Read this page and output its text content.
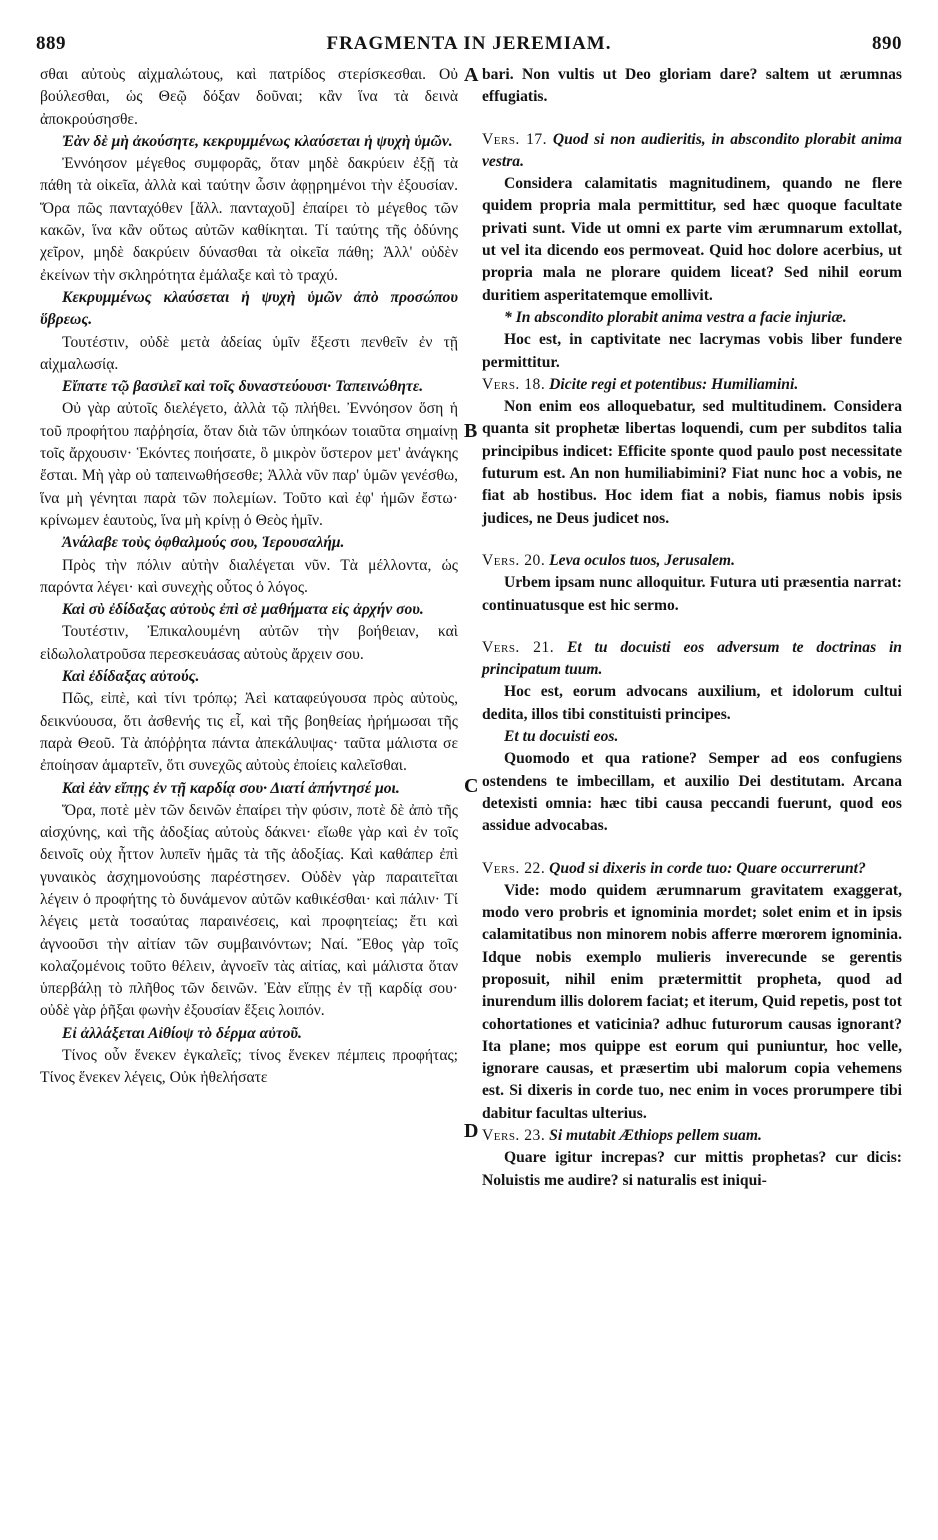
889	FRAGMENTA IN JEREMIAM.	890

σθαι αὐτοὺς αἰχμαλώτους, καὶ πατρίδος στερίσκεσθαι. Οὐ βούλεσθαι, ὡς Θεῷ δόξαν δοῦναι; κἂν ἵνα τὰ δεινὰ ἀποκρούσησθε.

Ἐὰν δὲ μὴ ἀκούσητε, κεκρυμμένως κλαύσεται ἡ ψυχὴ ὑμῶν.

Ἐννόησον μέγεθος συμφορᾶς, ὅταν μηδὲ δακρύειν ἐξῇ τὰ πάθη τὰ οἰκεῖα, ἀλλὰ καὶ ταύτην ὦσιν ἀφῃρημένοι τὴν ἐξουσίαν. Ὅρα πῶς πανταχόθεν [ἄλλ. πανταχοῦ] ἐπαίρει τὸ μέγεθος τῶν κακῶν, ἵνα κἂν οὕτως αὐτῶν καθίκηται. Τί ταύτης τῆς ὀδύνης χεῖρον, μηδὲ δακρύειν δύνασθαι τὰ οἰκεῖα πάθη; Ἀλλ' οὐδὲν ἐκείνων τὴν σκληρότητα ἐμάλαξε καὶ τὸ τραχύ.

Κεκρυμμένως κλαύσεται ἡ ψυχὴ ὑμῶν ἀπὸ προσώπου ὕβρεως.

Τουτέστιν, οὐδὲ μετὰ ἀδείας ὑμῖν ἔξεστι πενθεῖν ἐν τῇ αἰχμαλωσίᾳ.

Εἴπατε τῷ βασιλεῖ καὶ τοῖς δυναστεύουσι· Ταπεινώθητε.

Οὐ γὰρ αὐτοῖς διελέγετο, ἀλλὰ τῷ πλήθει. Ἐννόησον ὅση ἡ τοῦ προφήτου παῤῥησία, ὅταν διὰ τῶν ὑπηκόων τοιαῦτα σημαίνῃ τοῖς ἄρχουσιν· Ἑκόντες ποιήσατε, ὃ μικρὸν ὕστερον μετ' ἀνάγκης ἔσται. Μὴ γὰρ οὐ ταπεινωθήσεσθε; Ἀλλὰ νῦν παρ' ὑμῶν γενέσθω, ἵνα μὴ γένηται παρὰ τῶν πολεμίων. Τοῦτο καὶ ἐφ' ἡμῶν ἔστω· κρίνωμεν ἑαυτοὺς, ἵνα μὴ κρίνῃ ὁ Θεὸς ἡμῖν.

Ἀνάλαβε τοὺς ὀφθαλμούς σου, Ἱερουσαλήμ.

Πρὸς τὴν πόλιν αὐτὴν διαλέγεται νῦν. Τὰ μέλλοντα, ὡς παρόντα λέγει· καὶ συνεχὴς οὗτος ὁ λόγος.

Καὶ σὺ ἐδίδαξας αὐτοὺς ἐπὶ σὲ μαθήματα εἰς ἀρχήν σου.

Τουτέστιν, Ἐπικαλουμένη αὐτῶν τὴν βοήθειαν, καὶ εἰδωλολατροῦσα περεσκευάσας αὐτοὺς ἄρχειν σου.

Καὶ ἐδίδαξας αὐτούς.

Πῶς, εἰπὲ, καὶ τίνι τρόπῳ; Ἀεὶ καταφεύγουσα πρὸς αὐτοὺς, δεικνύουσα, ὅτι ἀσθενής τις εἶ, καὶ τῆς βοηθείας ἠρήμωσαι τῆς παρὰ Θεοῦ. Τὰ ἀπόῤῥητα πάντα ἀπεκάλυψας· ταῦτα μάλιστα σε ἐποίησαν ἁμαρτεῖν, ὅτι συνεχῶς αὐτοὺς ἐποίεις καλεῖσθαι.

Καὶ ἐὰν εἴπῃς ἐν τῇ καρδίᾳ σου· Διατί ἀπήντησέ μοι.

Ὅρα, ποτὲ μὲν τῶν δεινῶν ἐπαίρει τὴν φύσιν, ποτὲ δὲ ἀπὸ τῆς αἰσχύνης, καὶ τῆς ἀδοξίας αὐτοὺς δάκνει· εἴωθε γὰρ καὶ ἐν τοῖς δεινοῖς οὐχ ἧττον λυπεῖν ἡμᾶς τὰ τῆς ἀδοξίας. Καὶ καθάπερ ἐπὶ γυναικὸς ἀσχημονούσης παρέστησεν. Οὐδὲν γὰρ παραιτεῖται λέγειν ὁ προφήτης τὸ δυνάμενον αὐτῶν καθικέσθαι· καὶ πάλιν· Τί λέγεις μετὰ τοσαύτας παραινέσεις, καὶ προφητείας; ἔτι καὶ ἀγνοοῦσι τὴν αἰτίαν τῶν συμβαινόντων; Ναί. Ἔθος γὰρ τοῖς κολαζομένοις τοῦτο θέλειν, ἀγνοεῖν τὰς αἰτίας, καὶ μάλιστα ὅταν ὑπερβάλῃ τὸ πλῆθος τῶν δεινῶν. Ἐὰν εἴπῃς ἐν τῇ καρδίᾳ σου· οὐδὲ γὰρ ῥῆξαι φωνὴν ἐξουσίαν ἕξεις λοιπόν.

Εἰ ἀλλάξεται Αἰθίοψ τὸ δέρμα αὐτοῦ.

Τίνος οὖν ἕνεκεν ἐγκαλεῖς; τίνος ἕνεκεν πέμπεις προφήτας; Τίνος ἕνεκεν λέγεις, Οὐκ ἠθελήσατε

bari. Non vultis ut Deo gloriam dare? saltem ut ærumnas effugiatis.

Vers. 17. Quod si non audieritis, in abscondito plorabit anima vestra.

Considera calamitatis magnitudinem, quando ne flere quidem propria mala permittitur, sed hæc quoque facultate privati sunt. Vide ut omni ex parte vim ærumnarum extollat, ut vel ita dicendo eos permoveat. Quid hoc dolore acerbius, ut propria mala ne plorare quidem liceat? Sed nihil eorum duritiem asperitatemque emollivit.

* In abscondito plorabit anima vestra a facie injuriæ.

Hoc est, in captivitate nec lacrymas vobis liber fundere permittitur.

Vers. 18. Dicite regi et potentibus: Humiliamini.

Non enim eos alloquebatur, sed multitudinem. Considera quanta sit prophetæ libertas loquendi, cum per subditos talia principibus indicet: Efficite sponte quod paulo post necessitate futurum est. An non humiliabimini? Fiat nunc hoc a vobis, ne fiat ab hostibus. Hoc idem fiat a nobis, fiamus nobis ipsis judices, ne Deus judicet nos.

Vers. 20. Leva oculos tuos, Jerusalem.

Urbem ipsam nunc alloquitur. Futura uti præsentia narrat: continuatusque est hic sermo.

Vers. 21. Et tu docuisti eos adversum te doctrinas in principatum tuum.

Hoc est, eorum advocans auxilium, et idolorum cultui dedita, illos tibi constituisti principes.

Et tu docuisti eos.

Quomodo et qua ratione? Semper ad eos confugiens ostendens te imbecillam, et auxilio Dei destitutam. Arcana detexisti omnia: hæc tibi causa peccandi fuerunt, quod eos assidue advocabas.

Vers. 22. Quod si dixeris in corde tuo: Quare occurrerunt?

Vide: modo quidem ærumnarum gravitatem exaggerat, modo vero probris et ignominia mordet; solet enim et in ipsis calamitatibus non minorem nobis afferre mœrorem ignominia. Idque nobis exemplo mulieris inverecunde se gerentis proposuit, nihil enim prætermittit propheta, quod ad inurendum illis dolorem faciat; et iterum, Quid repetis, post tot cohortationes et vaticinia? adhuc futurorum causas ignorant? Ita plane; mos quippe est eorum qui puniuntur, hoc velle, ignorare causas, et præsertim ubi malorum copia vehemens est. Si dixeris in corde tuo, nec enim in voces prorumpere tibi dabitur facultas ulterius.

Vers. 23. Si mutabit Æthiops pellem suam.

Quare igitur increpas? cur mittis prophetas? cur dicis: Noluistis me audire? si naturalis est iniqui-

A
B
C
D
